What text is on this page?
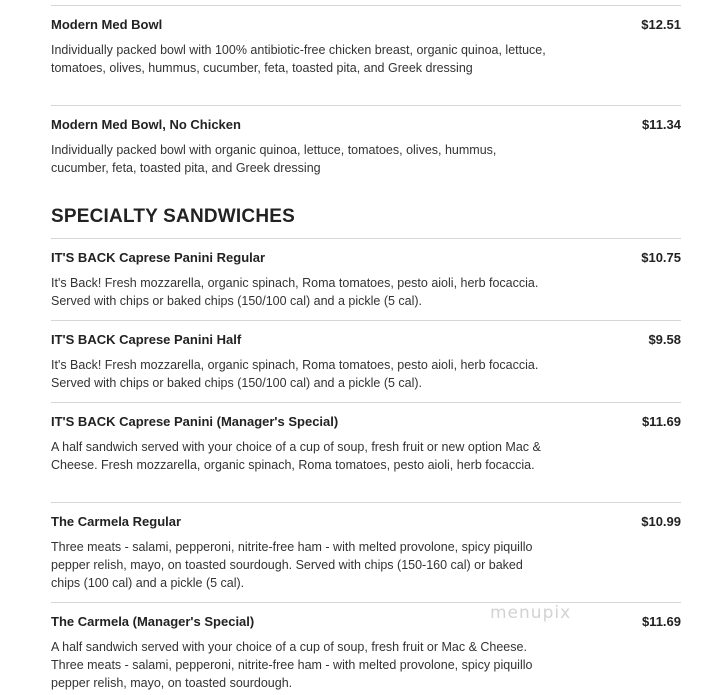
Modern Med Bowl	$12.51
Individually packed bowl with 100% antibiotic-free chicken breast, organic quinoa, lettuce, tomatoes, olives, hummus, cucumber, feta, toasted pita, and Greek dressing
Modern Med Bowl, No Chicken	$11.34
Individually packed bowl with organic quinoa, lettuce, tomatoes, olives, hummus, cucumber, feta, toasted pita, and Greek dressing
SPECIALTY SANDWICHES
IT'S BACK Caprese Panini Regular	$10.75
It's Back! Fresh mozzarella, organic spinach, Roma tomatoes, pesto aioli, herb focaccia. Served with chips or baked chips (150/100 cal) and a pickle (5 cal).
IT'S BACK Caprese Panini Half	$9.58
It's Back! Fresh mozzarella, organic spinach, Roma tomatoes, pesto aioli, herb focaccia. Served with chips or baked chips (150/100 cal) and a pickle (5 cal).
IT'S BACK Caprese Panini (Manager's Special)	$11.69
A half sandwich served with your choice of a cup of soup, fresh fruit or new option Mac & Cheese. Fresh mozzarella, organic spinach, Roma tomatoes, pesto aioli, herb focaccia.
The Carmela Regular	$10.99
Three meats - salami, pepperoni, nitrite-free ham - with melted provolone, spicy piquillo pepper relish, mayo, on toasted sourdough. Served with chips (150-160 cal) or baked chips (100 cal) and a pickle (5 cal).
The Carmela (Manager's Special)	$11.69
A half sandwich served with your choice of a cup of soup, fresh fruit or Mac & Cheese. Three meats - salami, pepperoni, nitrite-free ham - with melted provolone, spicy piquillo pepper relish, mayo, on toasted sourdough.
menupix
